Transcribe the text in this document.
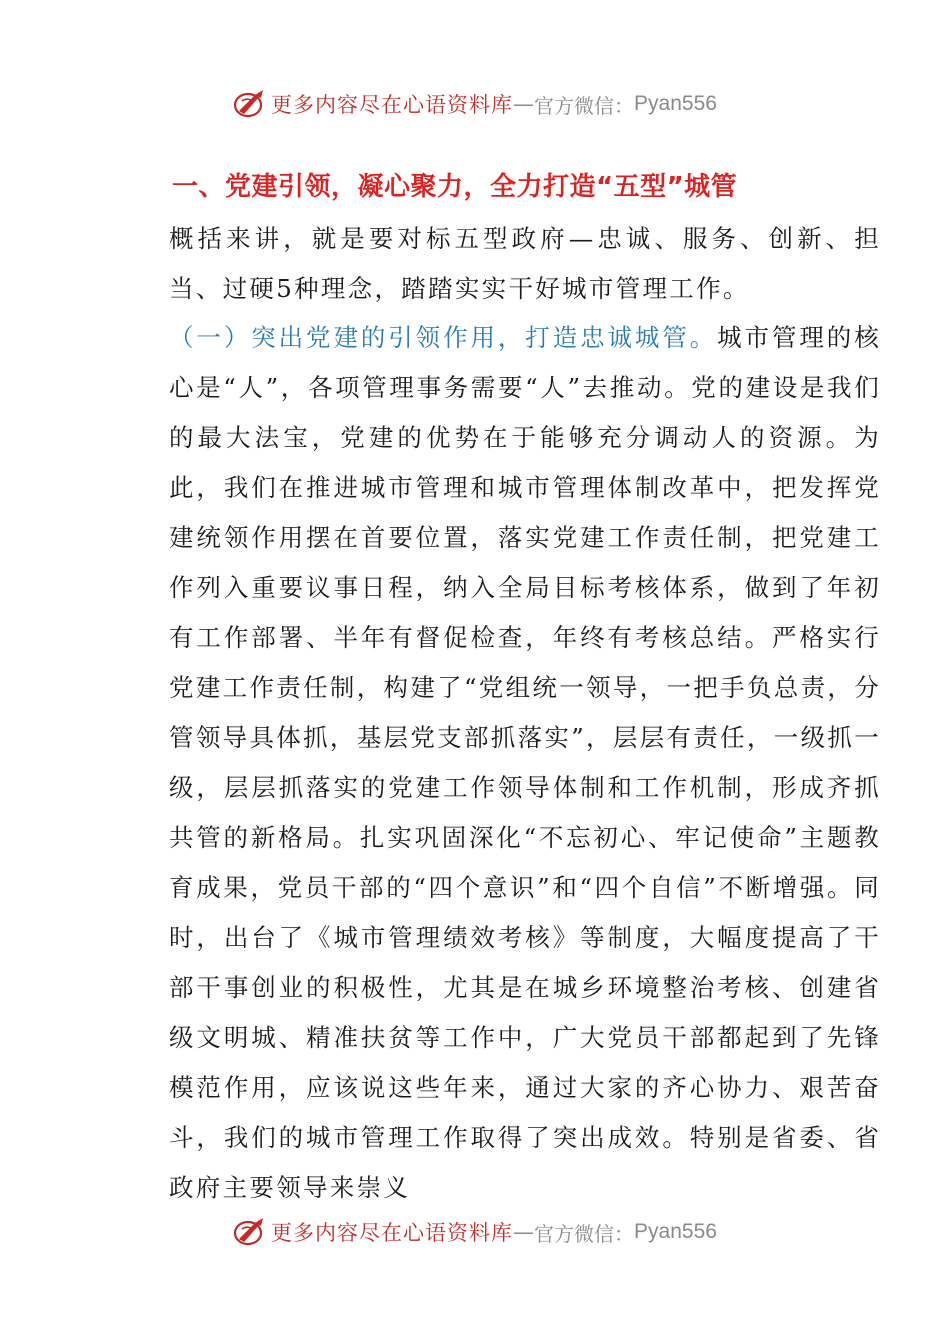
更多内容尽在心语资料库 — 官方微信： Pyan556
一、党建引领，凝心聚力，全力打造“五型”城管
概括来讲，就是要对标五型政府—忠诚、服务、创新、担当、过硬5种理念，踏踏实实干好城市管理工作。
（一）突出党建的引领作用，打造忠诚城管。城市管理的核心是“人”，各项管理事务需要“人”去推动。党的建设是我们的最大法宝，党建的优势在于能够充分调动人的资源。为此，我们在推进城市管理和城市管理体制改革中，把发挥党建统领作用摆在首要位置，落实党建工作责任制，把党建工作列入重要议事日程，纳入全局目标考核体系，做到了年初有工作部署、半年有督促检查，年终有考核总结。严格实行党建工作责任制，构建了“党组统一领导，一把手负总责，分管领导具体抓，基层党支部抓落实”，层层有责任，一级抓一级，层层抓落实的党建工作领导体制和工作机制，形成齐抓共管的新格局。扎实巩固深化“不忘初心、牢记使命”主题教育成果，党员干部的“四个意识”和“四个自信”不断增强。同时，出台了《城市管理绩效考核》等制度，大幅度提高了干部干事创业的积极性，尤其是在城乡环境整治考核、创建省级文明城、精准扶贫等工作中，广大党员干部都起到了先锋模范作用，应该说这些年来，通过大家的齐心协力、艰苦奋斗，我们的城市管理工作取得了突出成效。特别是省委、省政府主要领导来崇义
更多内容尽在心语资料库 — 官方微信： Pyan556
